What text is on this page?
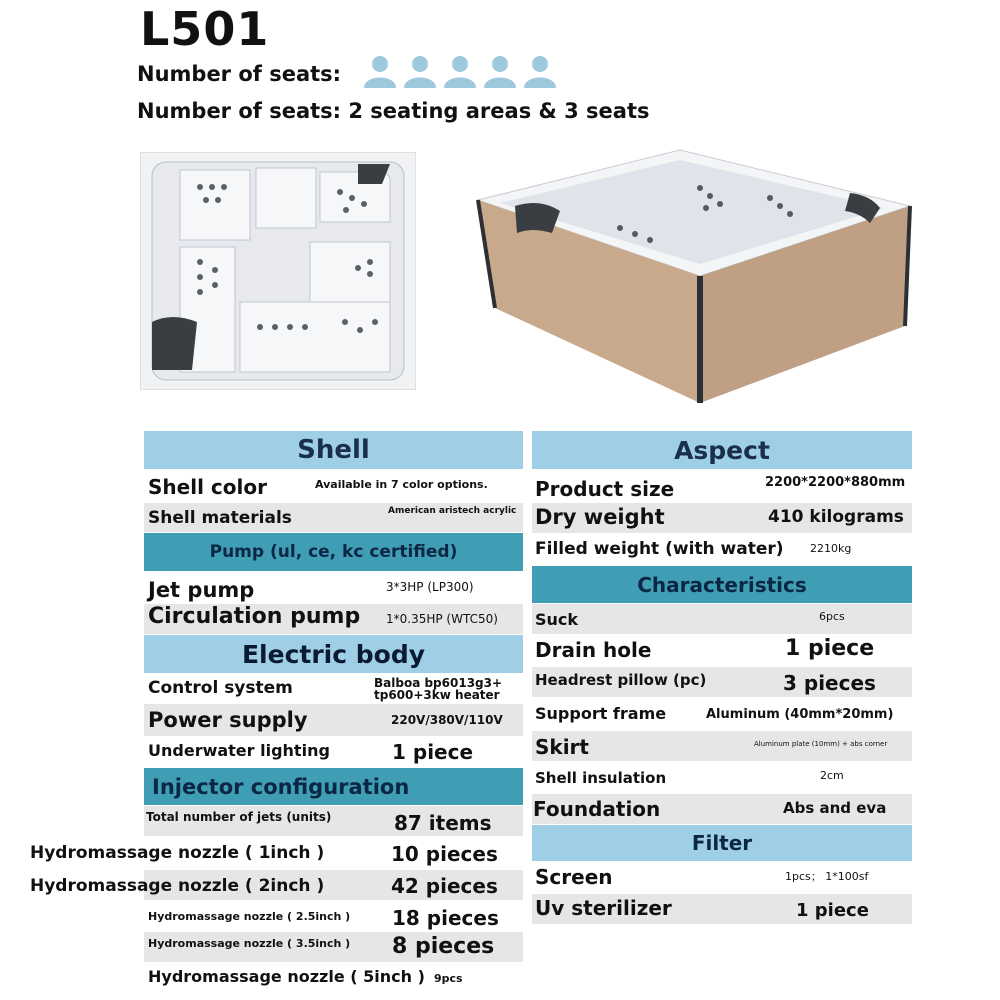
L501
Number of seats:
Number of seats: 2 seating areas & 3 seats
Shell
Shell color	Available in 7 color options.
Shell materials	American aristech acrylic
Pump (ul, ce, kc certified)
Jet pump	3*3HP (LP300)
Circulation pump 1*0.35HP (WTC50)
Electric body
Control system	Balboa bp6013g3+
tp600+3kw heater
Power supply	220V/380V/110V
Underwater lighting	1 piece
Injector configuration
Total number of jets (units)	87 items
Hydromassage nozzle ( 1inch )	10 pieces
Hydromassage nozzle ( 2inch )	42 pieces
Hydromassage nozzle ( 2.5inch ) 18 pieces
Hydromassage nozzle ( 3.5inch ) 8 pieces
Hydromassage nozzle ( 5inch ) 9pcs
Aspect
Product size	2200*2200*880mm
Dry weight	410 kilograms
Filled weight (with water) 2210kg
Characteristics
Suck	6pcs
Drain hole	1 piece
Headrest pillow (pc)	3 pieces
Support frame	Aluminum (40mm*20mm)
Skirt	Aluminum plate (10mm) + abs corner
Shell insulation	2cm
Foundation	Abs and eva
Filter
Screen	1pcs； 1*100sf
Uv sterilizer	1 piece
